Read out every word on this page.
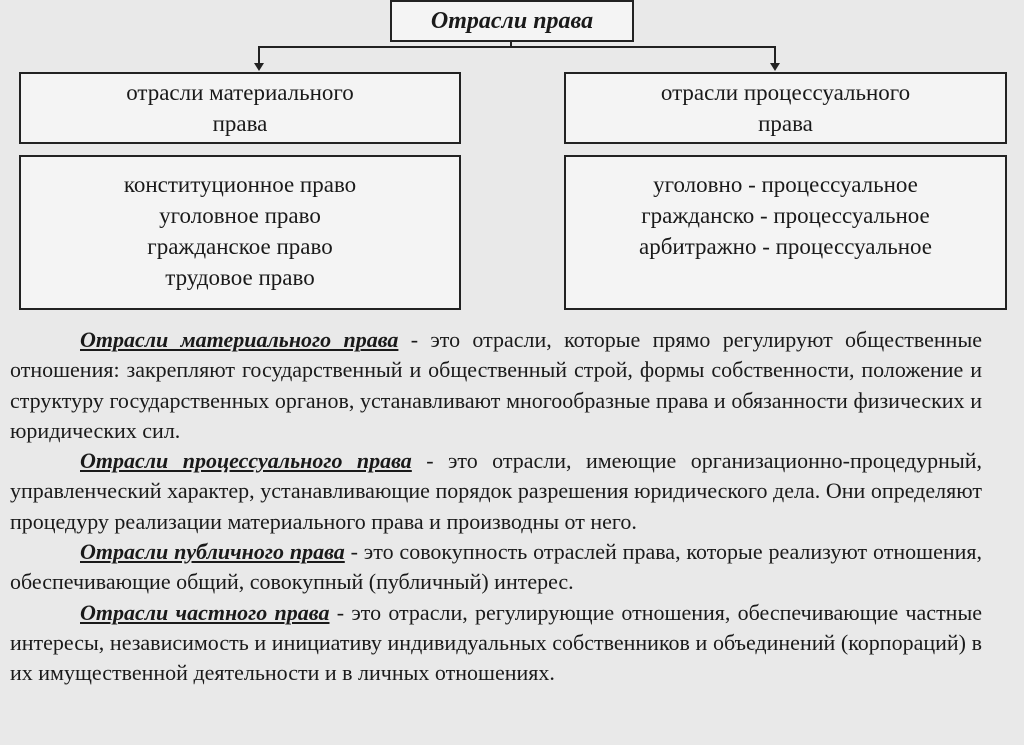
Отрасли права
отрасли материального
права
отрасли процессуального
права
конституционное право
уголовное право
гражданское право
трудовое право
уголовно - процессуальное
гражданско - процессуальное
арбитражно - процессуальное

Отрасли материального права - это отрасли, которые прямо регулируют общественные отношения: закрепляют государственный и общественный строй, формы собственности, положение и структуру государственных органов, устанавливают многообразные права и обязанности физических и юридических сил.

Отрасли процессуального права - это отрасли, имеющие организационно-процедурный, управленческий характер, устанавливающие порядок разрешения юридического дела. Они определяют процедуру реализации материального права и производны от него.

Отрасли публичного права - это совокупность отраслей права, которые реализуют отношения, обеспечивающие общий, совокупный (публичный) интерес.

Отрасли частного права - это отрасли, регулирующие отношения, обеспечивающие частные интересы, независимость и инициативу индивидуальных собственников и объединений (корпораций) в их имущественной деятельности и в личных отношениях.
